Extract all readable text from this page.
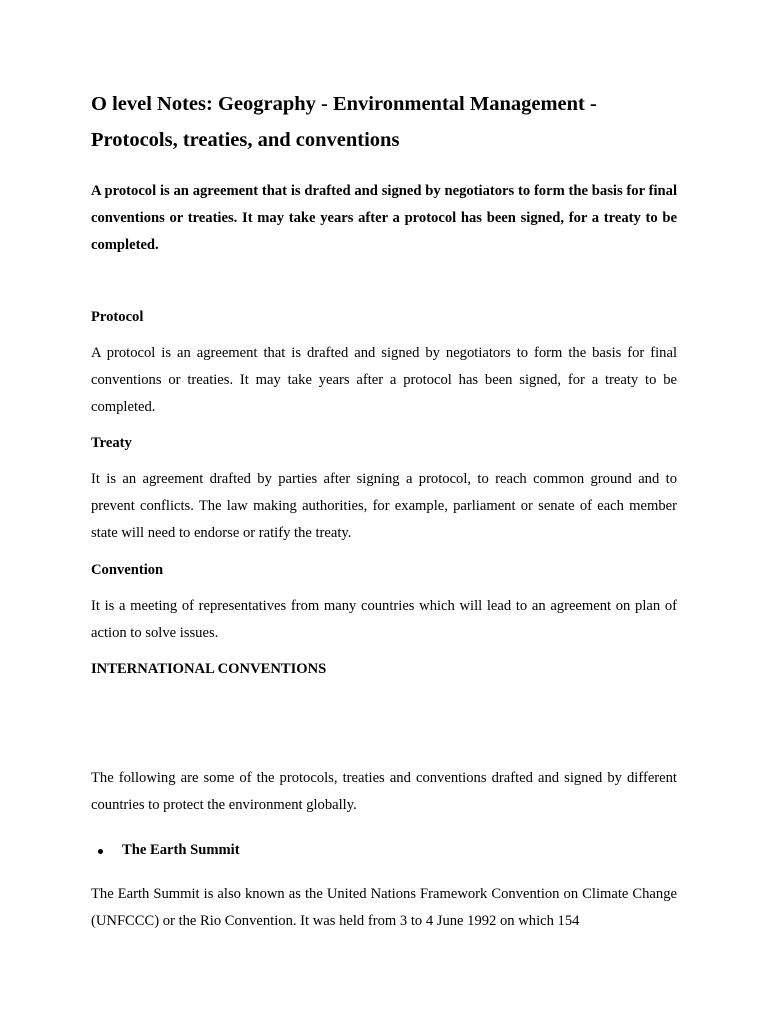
O level Notes: Geography - Environmental Management - Protocols, treaties, and conventions

A protocol is an agreement that is drafted and signed by negotiators to form the basis for final conventions or treaties. It may take years after a protocol has been signed, for a treaty to be completed.

Protocol

A protocol is an agreement that is drafted and signed by negotiators to form the basis for final conventions or treaties. It may take years after a protocol has been signed, for a treaty to be completed.

Treaty

It is an agreement drafted by parties after signing a protocol, to reach common ground and to prevent conflicts. The law making authorities, for example, parliament or senate of each member state will need to endorse or ratify the treaty.

Convention

It is a meeting of representatives from many countries which will lead to an agreement on plan of action to solve issues.

INTERNATIONAL CONVENTIONS

The following are some of the protocols, treaties and conventions drafted and signed by different countries to protect the environment globally.

The Earth Summit

The Earth Summit is also known as the United Nations Framework Convention on Climate Change (UNFCCC) or the Rio Convention. It was held from 3 to 4 June 1992 on which 154
